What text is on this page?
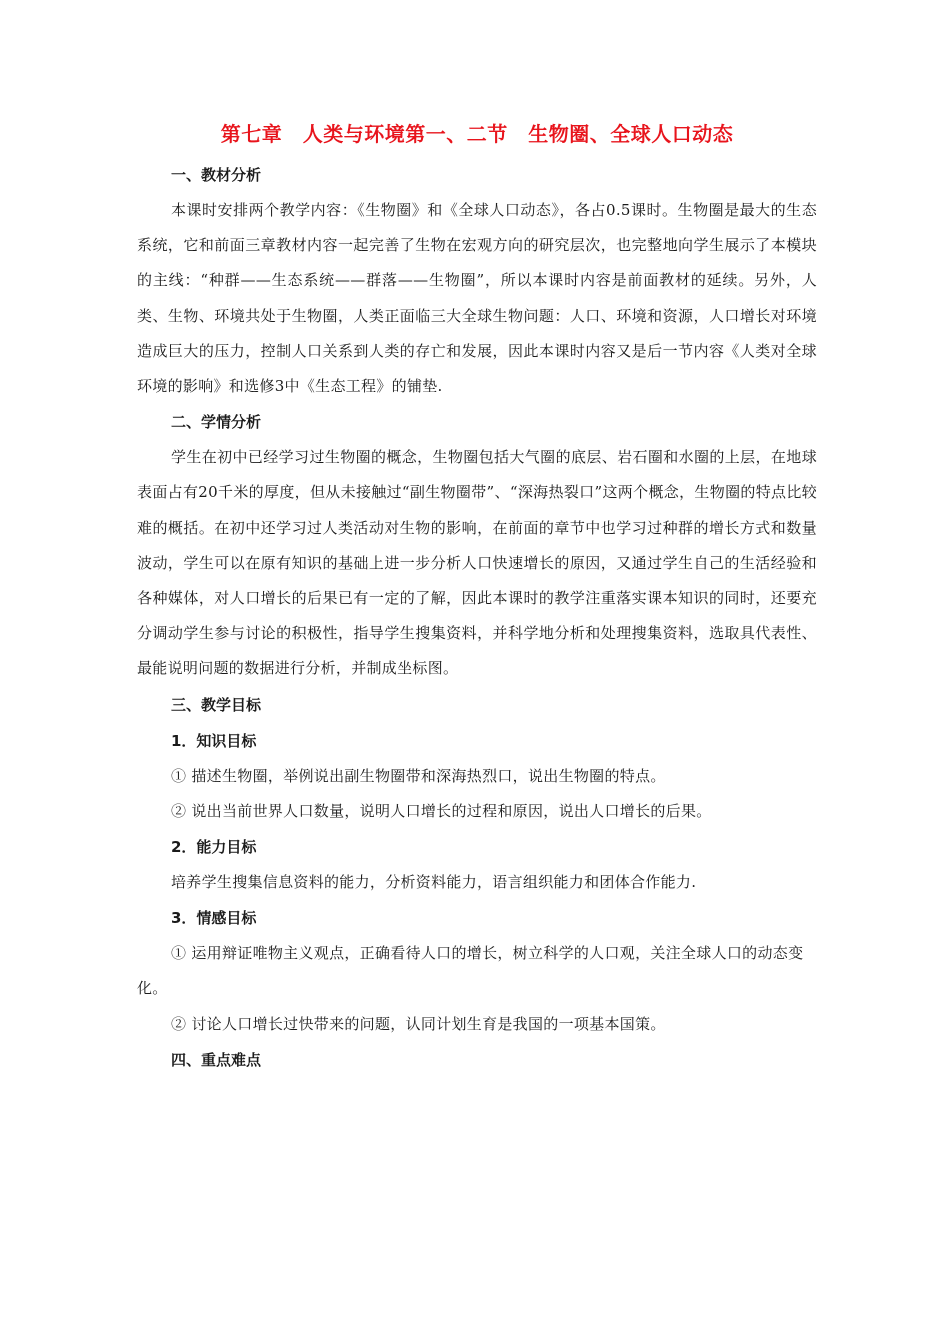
第七章　人类与环境第一、二节　生物圈、全球人口动态
一、教材分析

本课时安排两个教学内容：《生物圈》和《全球人口动态》，各占0.5课时。生物圈是最大的生态系统，它和前面三章教材内容一起完善了生物在宏观方向的研究层次，也完整地向学生展示了本模块的主线：“种群——生态系统——群落——生物圈”，所以本课时内容是前面教材的延续。另外，人类、生物、环境共处于生物圈，人类正面临三大全球生物问题：人口、环境和资源，人口增长对环境造成巨大的压力，控制人口关系到人类的存亡和发展，因此本课时内容又是后一节内容《人类对全球环境的影响》和选修3中《生态工程》的铺垫.

二、学情分析

学生在初中已经学习过生物圈的概念，生物圈包括大气圈的底层、岩石圈和水圈的上层，在地球表面占有20千米的厚度，但从未接触过“副生物圈带”、“深海热裂口”这两个概念，生物圈的特点比较难的概括。在初中还学习过人类活动对生物的影响，在前面的章节中也学习过种群的增长方式和数量波动，学生可以在原有知识的基础上进一步分析人口快速增长的原因，又通过学生自己的生活经验和各种媒体，对人口增长的后果已有一定的了解，因此本课时的教学注重落实课本知识的同时，还要充分调动学生参与讨论的积极性，指导学生搜集资料，并科学地分析和处理搜集资料，选取具代表性、最能说明问题的数据进行分析，并制成坐标图。

三、教学目标
1．知识目标

① 描述生物圈，举例说出副生物圈带和深海热烈口，说出生物圈的特点。

② 说出当前世界人口数量，说明人口增长的过程和原因，说出人口增长的后果。

2．能力目标

培养学生搜集信息资料的能力，分析资料能力，语言组织能力和团体合作能力.

3．情感目标

① 运用辩证唯物主义观点，正确看待人口的增长，树立科学的人口观，关注全球人口的动态变化。

② 讨论人口增长过快带来的问题，认同计划生育是我国的一项基本国策。

四、重点难点
